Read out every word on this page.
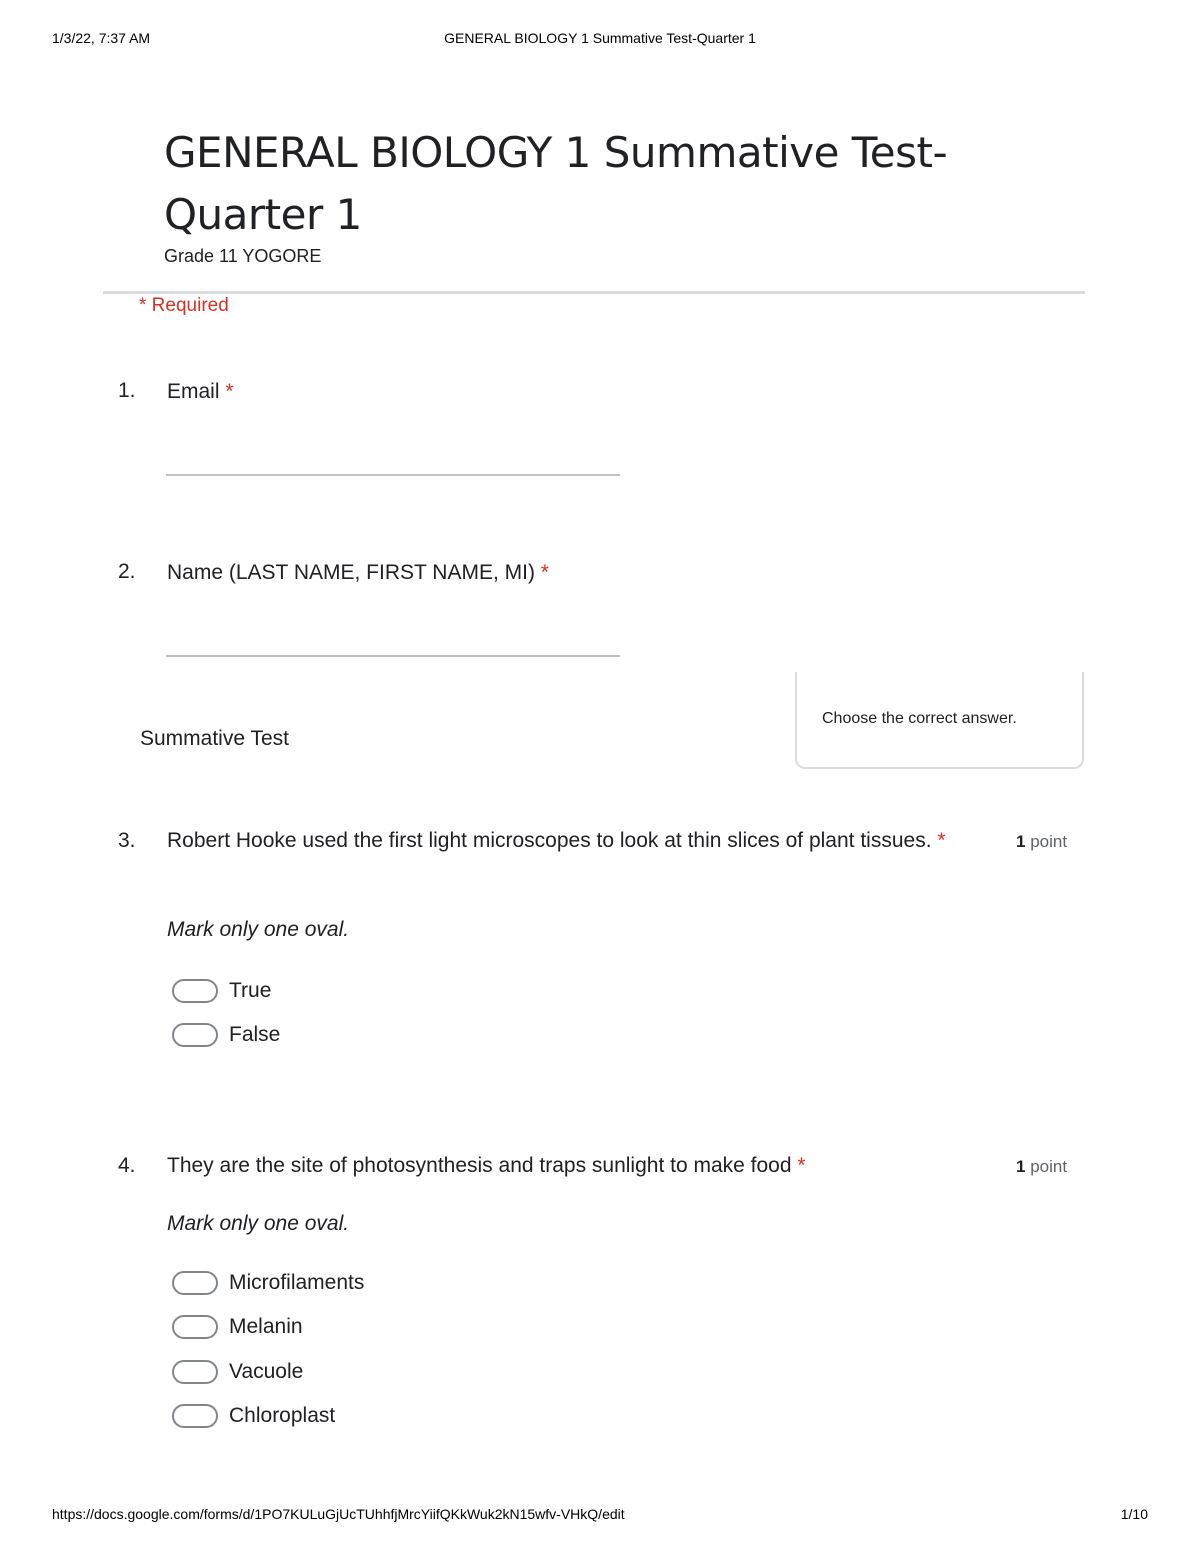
1/3/22, 7:37 AM	GENERAL BIOLOGY 1 Summative Test-Quarter 1
GENERAL BIOLOGY 1 Summative Test-Quarter 1
Grade 11 YOGORE
* Required
1. Email *
2. Name (LAST NAME, FIRST NAME, MI) *
Summative Test
Choose the correct answer.
3. Robert Hooke used the first light microscopes to look at thin slices of plant tissues. *	1 point
Mark only one oval.
True
False
4. They are the site of photosynthesis and traps sunlight to make food *	1 point
Mark only one oval.
Microfilaments
Melanin
Vacuole
Chloroplast
https://docs.google.com/forms/d/1PO7KULuGjUcTUhhfjMrcYiifQKkWuk2kN15wfv-VHkQ/edit	1/10
